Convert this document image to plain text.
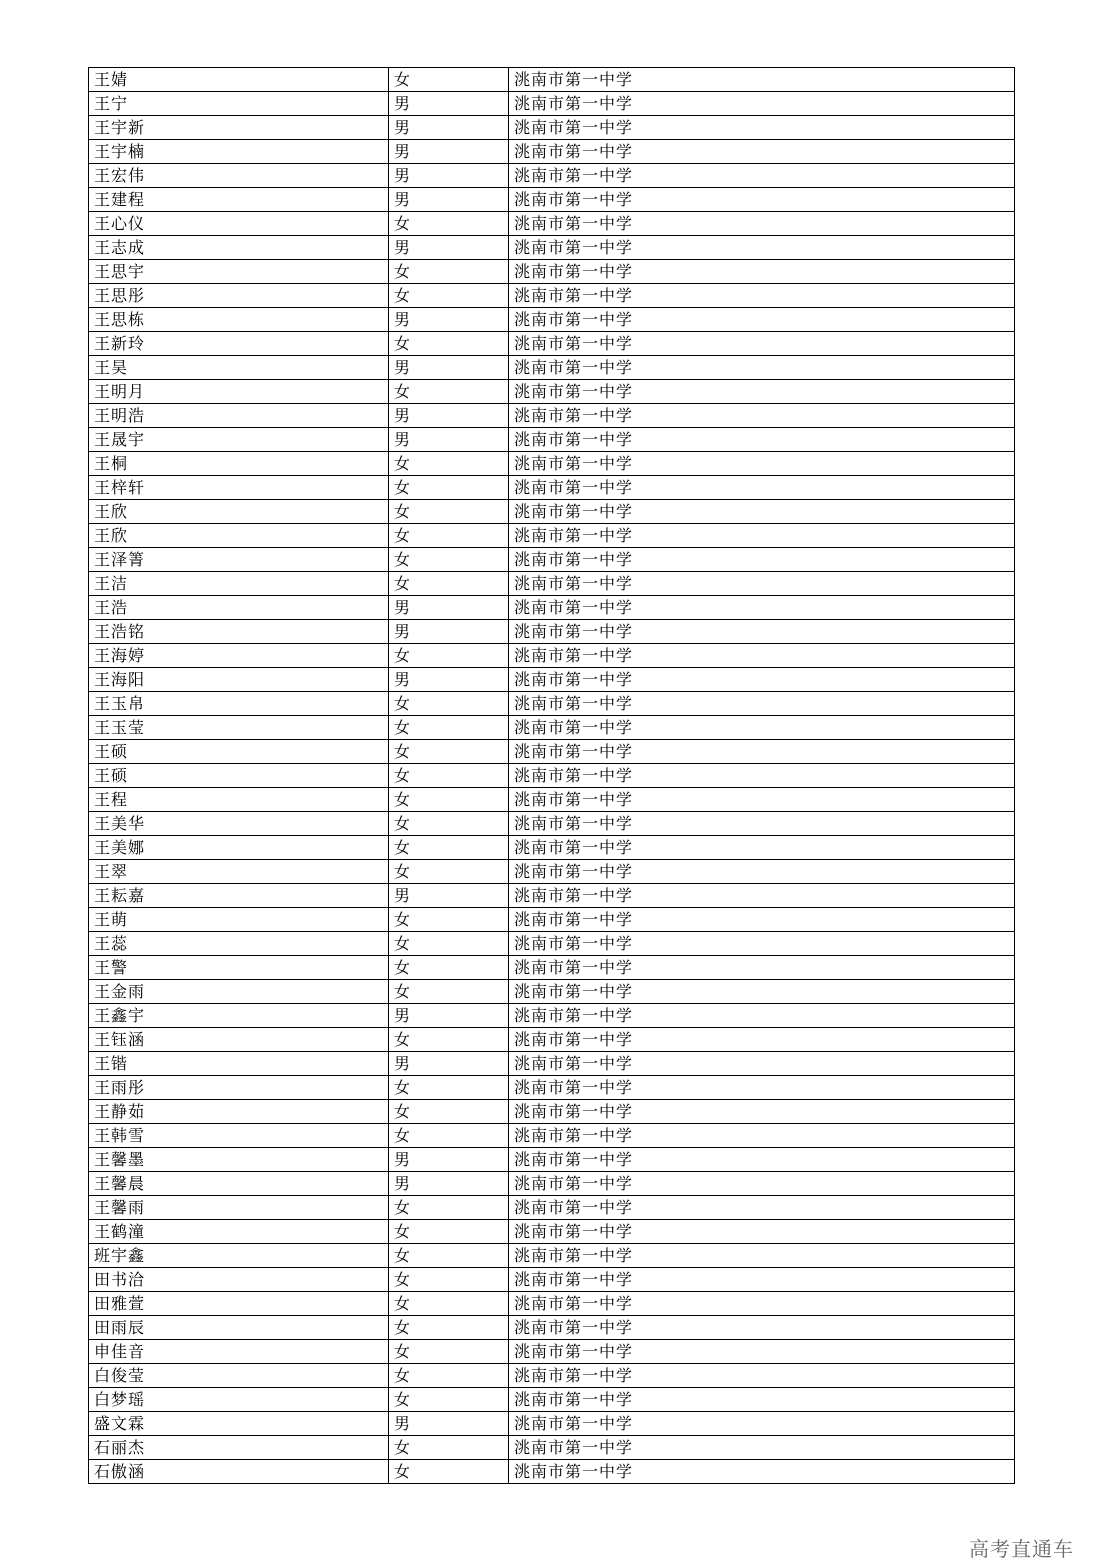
王婧	女	洮南市第一中学
王宁	男	洮南市第一中学
王宇新	男	洮南市第一中学
王宇楠	男	洮南市第一中学
王宏伟	男	洮南市第一中学
王建程	男	洮南市第一中学
王心仪	女	洮南市第一中学
王志成	男	洮南市第一中学
王思宇	女	洮南市第一中学
王思彤	女	洮南市第一中学
王思栋	男	洮南市第一中学
王新玲	女	洮南市第一中学
王昊	男	洮南市第一中学
王明月	女	洮南市第一中学
王明浩	男	洮南市第一中学
王晟宇	男	洮南市第一中学
王桐	女	洮南市第一中学
王梓轩	女	洮南市第一中学
王欣	女	洮南市第一中学
王欣	女	洮南市第一中学
王泽箐	女	洮南市第一中学
王洁	女	洮南市第一中学
王浩	男	洮南市第一中学
王浩铭	男	洮南市第一中学
王海婷	女	洮南市第一中学
王海阳	男	洮南市第一中学
王玉帛	女	洮南市第一中学
王玉莹	女	洮南市第一中学
王硕	女	洮南市第一中学
王硕	女	洮南市第一中学
王程	女	洮南市第一中学
王美华	女	洮南市第一中学
王美娜	女	洮南市第一中学
王翠	女	洮南市第一中学
王耘嘉	男	洮南市第一中学
王萌	女	洮南市第一中学
王蕊	女	洮南市第一中学
王警	女	洮南市第一中学
王金雨	女	洮南市第一中学
王鑫宇	男	洮南市第一中学
王钰涵	女	洮南市第一中学
王锴	男	洮南市第一中学
王雨彤	女	洮南市第一中学
王静茹	女	洮南市第一中学
王韩雪	女	洮南市第一中学
王馨墨	男	洮南市第一中学
王馨晨	男	洮南市第一中学
王馨雨	女	洮南市第一中学
王鹤潼	女	洮南市第一中学
班宇鑫	女	洮南市第一中学
田书洽	女	洮南市第一中学
田雅萱	女	洮南市第一中学
田雨辰	女	洮南市第一中学
申佳音	女	洮南市第一中学
白俊莹	女	洮南市第一中学
白梦瑶	女	洮南市第一中学
盛文霖	男	洮南市第一中学
石丽杰	女	洮南市第一中学
石傲涵	女	洮南市第一中学
高考直通车
